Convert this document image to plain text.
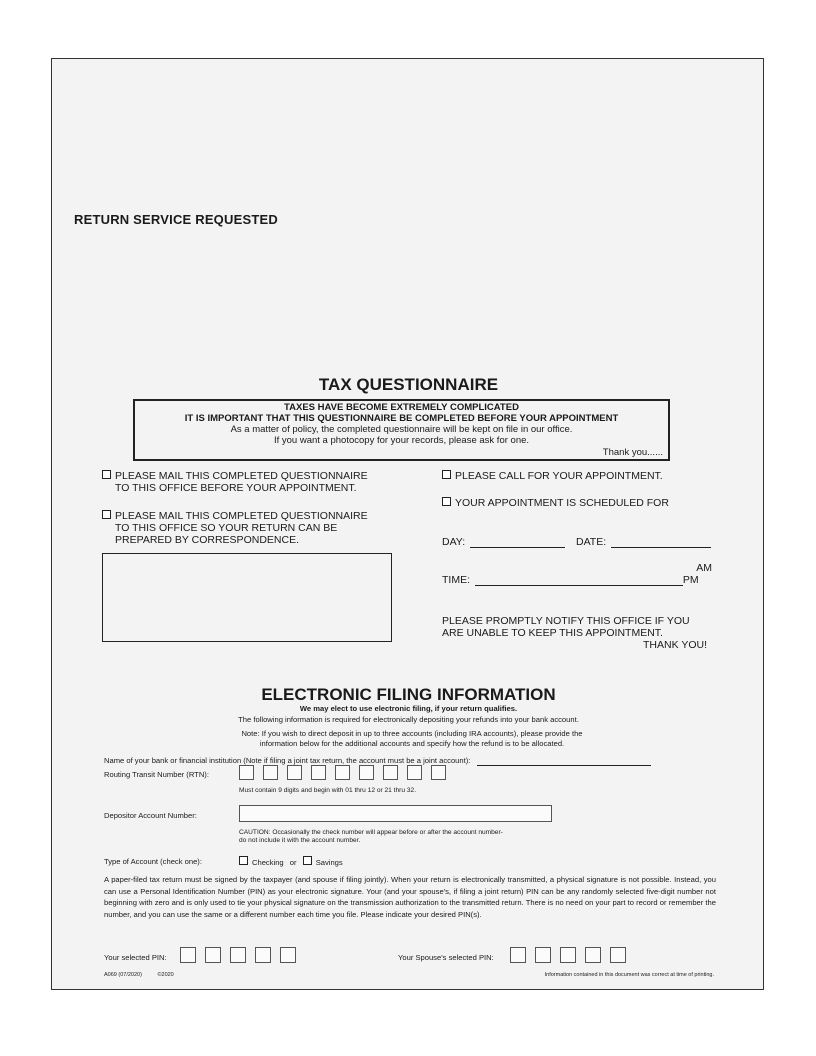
RETURN SERVICE REQUESTED
TAX QUESTIONNAIRE
TAXES HAVE BECOME EXTREMELY COMPLICATED
IT IS IMPORTANT THAT THIS QUESTIONNAIRE BE COMPLETED BEFORE YOUR APPOINTMENT
As a matter of policy, the completed questionnaire will be kept on file in our office.
If you want a photocopy for your records, please ask for one.
Thank you......
PLEASE MAIL THIS COMPLETED QUESTIONNAIRE
TO THIS OFFICE BEFORE YOUR APPOINTMENT.
PLEASE MAIL THIS COMPLETED QUESTIONNAIRE
TO THIS OFFICE SO YOUR RETURN CAN BE
PREPARED BY CORRESPONDENCE.
PLEASE CALL FOR YOUR APPOINTMENT.
YOUR APPOINTMENT IS SCHEDULED FOR
DAY:	DATE:
AM
TIME:	PM
PLEASE PROMPTLY NOTIFY THIS OFFICE IF YOU
ARE UNABLE TO KEEP THIS APPOINTMENT.
THANK YOU!
ELECTRONIC FILING INFORMATION
We may elect to use electronic filing, if your return qualifies.
The following information is required for electronically depositing your refunds into your bank account.
Note: If you wish to direct deposit in up to three accounts (including IRA accounts), please provide the
information below for the additional accounts and specify how the refund is to be allocated.
Name of your bank or financial institution (Note if filing a joint tax return, the account must be a joint account):
Routing Transit Number (RTN):
Must contain 9 digits and begin with 01 thru 12 or 21 thru 32.
Depositor Account Number:
CAUTION: Occasionally the check number will appear before or after the account number-
do not include it with the account number.
Type of Account (check one):	Checking or	Savings
A paper-filed tax return must be signed by the taxpayer (and spouse if filing jointly). When your return is electronically transmitted, a physical signature is not possible. Instead, you can use a Personal Identification Number (PIN) as your electronic signature. Your (and your spouse's, if filing a joint return) PIN can be any randomly selected five-digit number not beginning with zero and is only used to tie your physical signature on the transmission authorization to the transmitted return. There is no need on your part to record or remember the number, and you can use the same or a different number each time you file. Please indicate your desired PIN(s).
Your selected PIN:	Your Spouse's selected PIN:
A069 (07/2020)	©2020	Information contained in this document was correct at time of printing.
